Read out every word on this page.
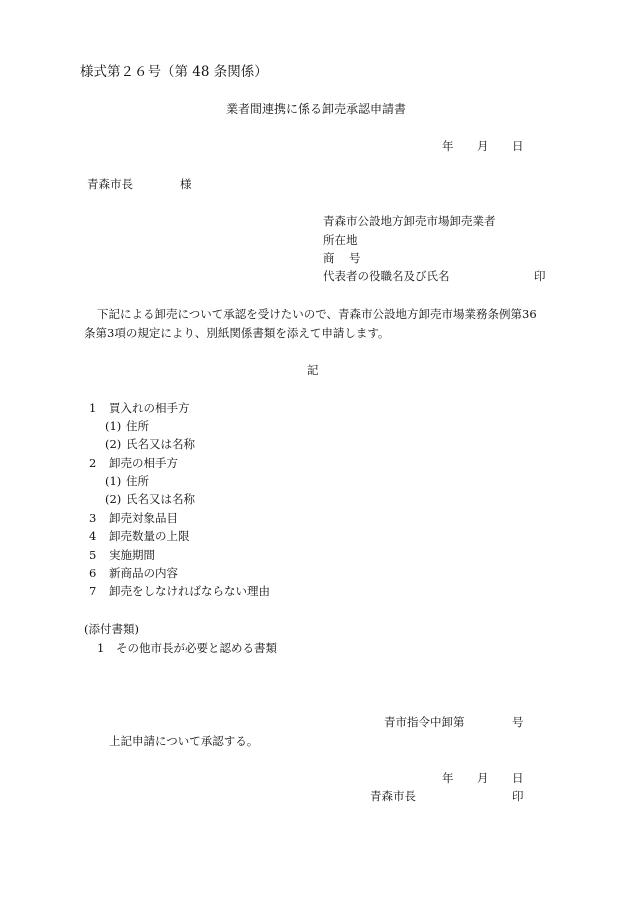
様式第２６号（第 48 条関係）
業者間連携に係る卸売承認申請書
年 月 日
青森市長	様
青森市公設地方卸売市場卸売業者
所在地
商 号
代表者の役職名及び氏名	印
下記による卸売について承認を受けたいので、青森市公設地方卸売市場業務条例第36
条第3項の規定により、別紙関係書類を添えて申請します。
記
1 買入れの相手方
(1) 住所
(2) 氏名又は名称
2 卸売の相手方
(1) 住所
(2) 氏名又は名称
3 卸売対象品目
4 卸売数量の上限
5 実施期間
6 新商品の内容
7 卸売をしなければならない理由
(添付書類)
1 その他市長が必要と認める書類
青市指令中卸第	号
上記申請について承認する。
年 月 日
青森市長	印
